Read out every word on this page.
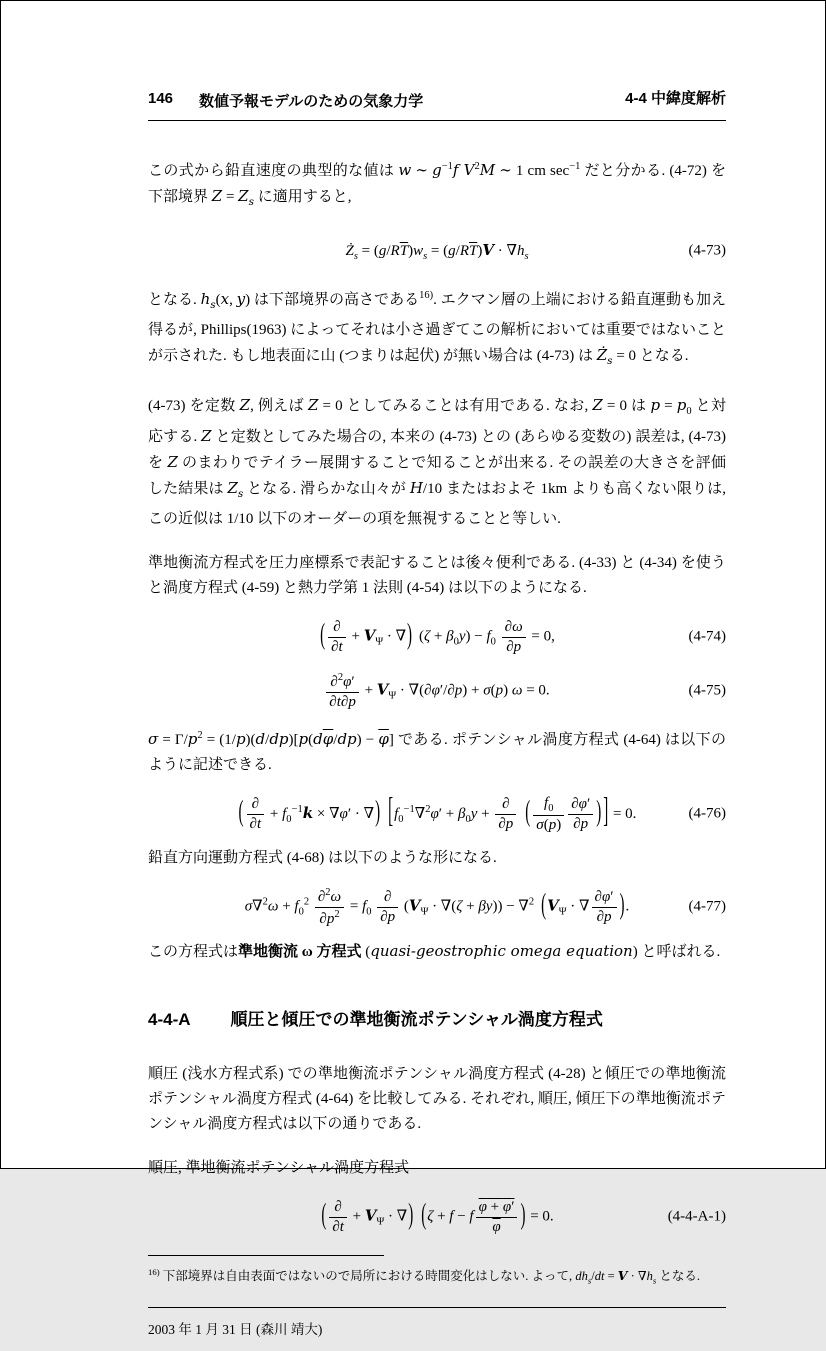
146 数値予報モデルのための気象力学	4-4 中緯度解析

この式から鉛直速度の典型的な値は w ∼ $g^{-1}f$ $V^2M$ ∼ 1 cm $\sec^{-1}$ だと分かる. (4-72) を下部境界 $Z = Z_s$ に適用すると,

$Ż_s = (g/R\overline{T})w_s = (g/R\overline{T})V \cdot \nabla h_s$	(4-73)

となる. $h_s(x$, y) は下部境界の高さである$^{16)}$. エクマン層の上端における鉛直運動も加え得るが, Phillips(1963) によってそれは小さ過ぎてこの解析においては重要ではないことが示された. もし地表面に山 (つまりは起伏) が無い場合は (4-73) は $Ż_s = 0$ となる.

(4-73) を定数 Z, 例えば Z = 0 としてみることは有用である. なお, Z = 0 は $p = p_0$ と対応する. Z と定数としてみた場合の, 本来の (4-73) との (あらゆる変数の) 誤差は, (4-73) を Z のまわりでテイラー展開することで知ることが出来る. その誤差の大きさを評価した結果は $Z_s$ となる. 滑らかな山々が H/10 またはおよそ 1km よりも高くない限りは, この近似は 1/10 以下のオーダーの項を無視することと等しい.

準地衡流方程式を圧力座標系で表記することは後々便利である. (4-33) と (4-34) を使うと渦度方程式 (4-59) と熱力学第 1 法則 (4-54) は以下のようになる.

( $\frac{\partial}{\partial t} + V_\Psi$ · ∇) $(\zeta + \beta_0y) - f_0 \frac{\partial\omega}{\partial p} = 0$,	(4-74)
$\frac{\partial^2\varphi'}{\partial t\partial p} + V_\Psi \cdot \nabla(\partial\varphi'/\partial p) + \sigma(p) \omega = 0$.	(4-75)

$\sigma = \Gamma/p^2 = (1/p)(d/dp)[p(d\overline{\varphi}/dp) - \overline{\varphi}]$ である. ポテンシャル渦度方程式 (4-64) は以下のように記述できる.

( $\frac{\partial}{\partial t} + f_0^{-1}k \times \nabla\varphi'$ · ∇) [$f_0^{-1}\nabla^2\varphi' + \beta_0y + \frac{\partial}{\partial p}$ ( $\frac{f_0}{\sigma(p)} \frac{\partial\varphi'}{\partial p}$ ) ] = 0.	(4-76)

鉛直方向運動方程式 (4-68) は以下のような形になる.

$\sigma\nabla^2\omega + f_0^2 \frac{\partial^2\omega}{\partial p^2} = f_0 \frac{\partial}{\partial p} (V_\Psi \cdot \nabla(\zeta + \beta y)) - \nabla^2$ ($V_\Psi$ · ∇ $\frac{\partial\varphi'}{\partial p}$ ).	(4-77)

この方程式は準地衡流 ω 方程式 (quasi-geostrophic omega equation) と呼ばれる.

4-4-A 順圧と傾圧での準地衡流ポテンシャル渦度方程式

順圧 (浅水方程式系) での準地衡流ポテンシャル渦度方程式 (4-28) と傾圧での準地衡流ポテンシャル渦度方程式 (4-64) を比較してみる. それぞれ, 順圧, 傾圧下の準地衡流ポテンシャル渦度方程式は以下の通りである.

順圧, 準地衡流ポテンシャル渦度方程式

( $\frac{\partial}{\partial t} + V_\Psi$ · ∇) (ζ + f − f $\frac{\varphi + \varphi'}{\varphi}$ ) = 0.	(4-4-A-1)

$^{16)}$ 下部境界は自由表面ではないので局所における時間変化はしない. よって, $dh_s/dt = V \cdot \nabla h_s$ となる.

2003 年 1 月 31 日 (森川 靖大)
